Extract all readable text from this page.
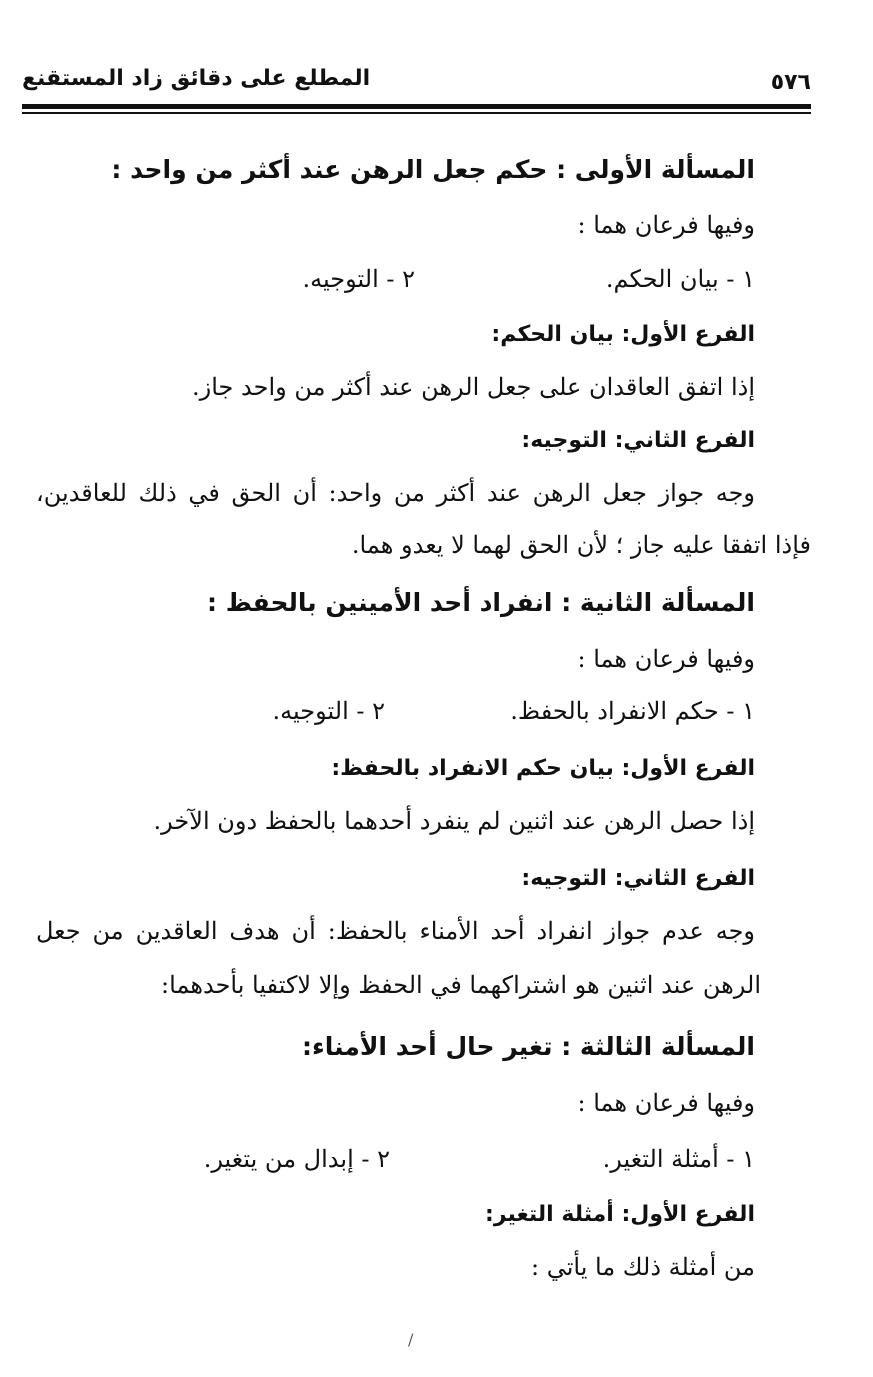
٥٧٦
المطلع على دقائق زاد المستقنع
المسألة الأولى : حكم جعل الرهن عند أكثر من واحد :
وفيها فرعان هما :
١ - بيان الحكم.
٢ - التوجيه.
الفرع الأول: بيان الحكم:
إذا اتفق العاقدان على جعل الرهن عند أكثر من واحد جاز.
الفرع الثاني: التوجيه:
وجه جواز جعل الرهن عند أكثر من واحد: أن الحق في ذلك للعاقدين،
فإذا اتفقا عليه جاز ؛ لأن الحق لهما لا يعدو هما.
المسألة الثانية : انفراد أحد الأمينين بالحفظ :
وفيها فرعان هما :
١ - حكم الانفراد بالحفظ.
٢ - التوجيه.
الفرع الأول: بيان حكم الانفراد بالحفظ:
إذا حصل الرهن عند اثنين لم ينفرد أحدهما بالحفظ دون الآخر.
الفرع الثاني: التوجيه:
وجه عدم جواز انفراد أحد الأمناء بالحفظ: أن هدف العاقدين من جعل
الرهن عند اثنين هو اشتراكهما في الحفظ وإلا لاكتفيا بأحدهما:
المسألة الثالثة : تغير حال أحد الأمناء:
وفيها فرعان هما :
١ - أمثلة التغير.
٢ - إبدال من يتغير.
الفرع الأول: أمثلة التغير:
من أمثلة ذلك ما يأتي :
/
